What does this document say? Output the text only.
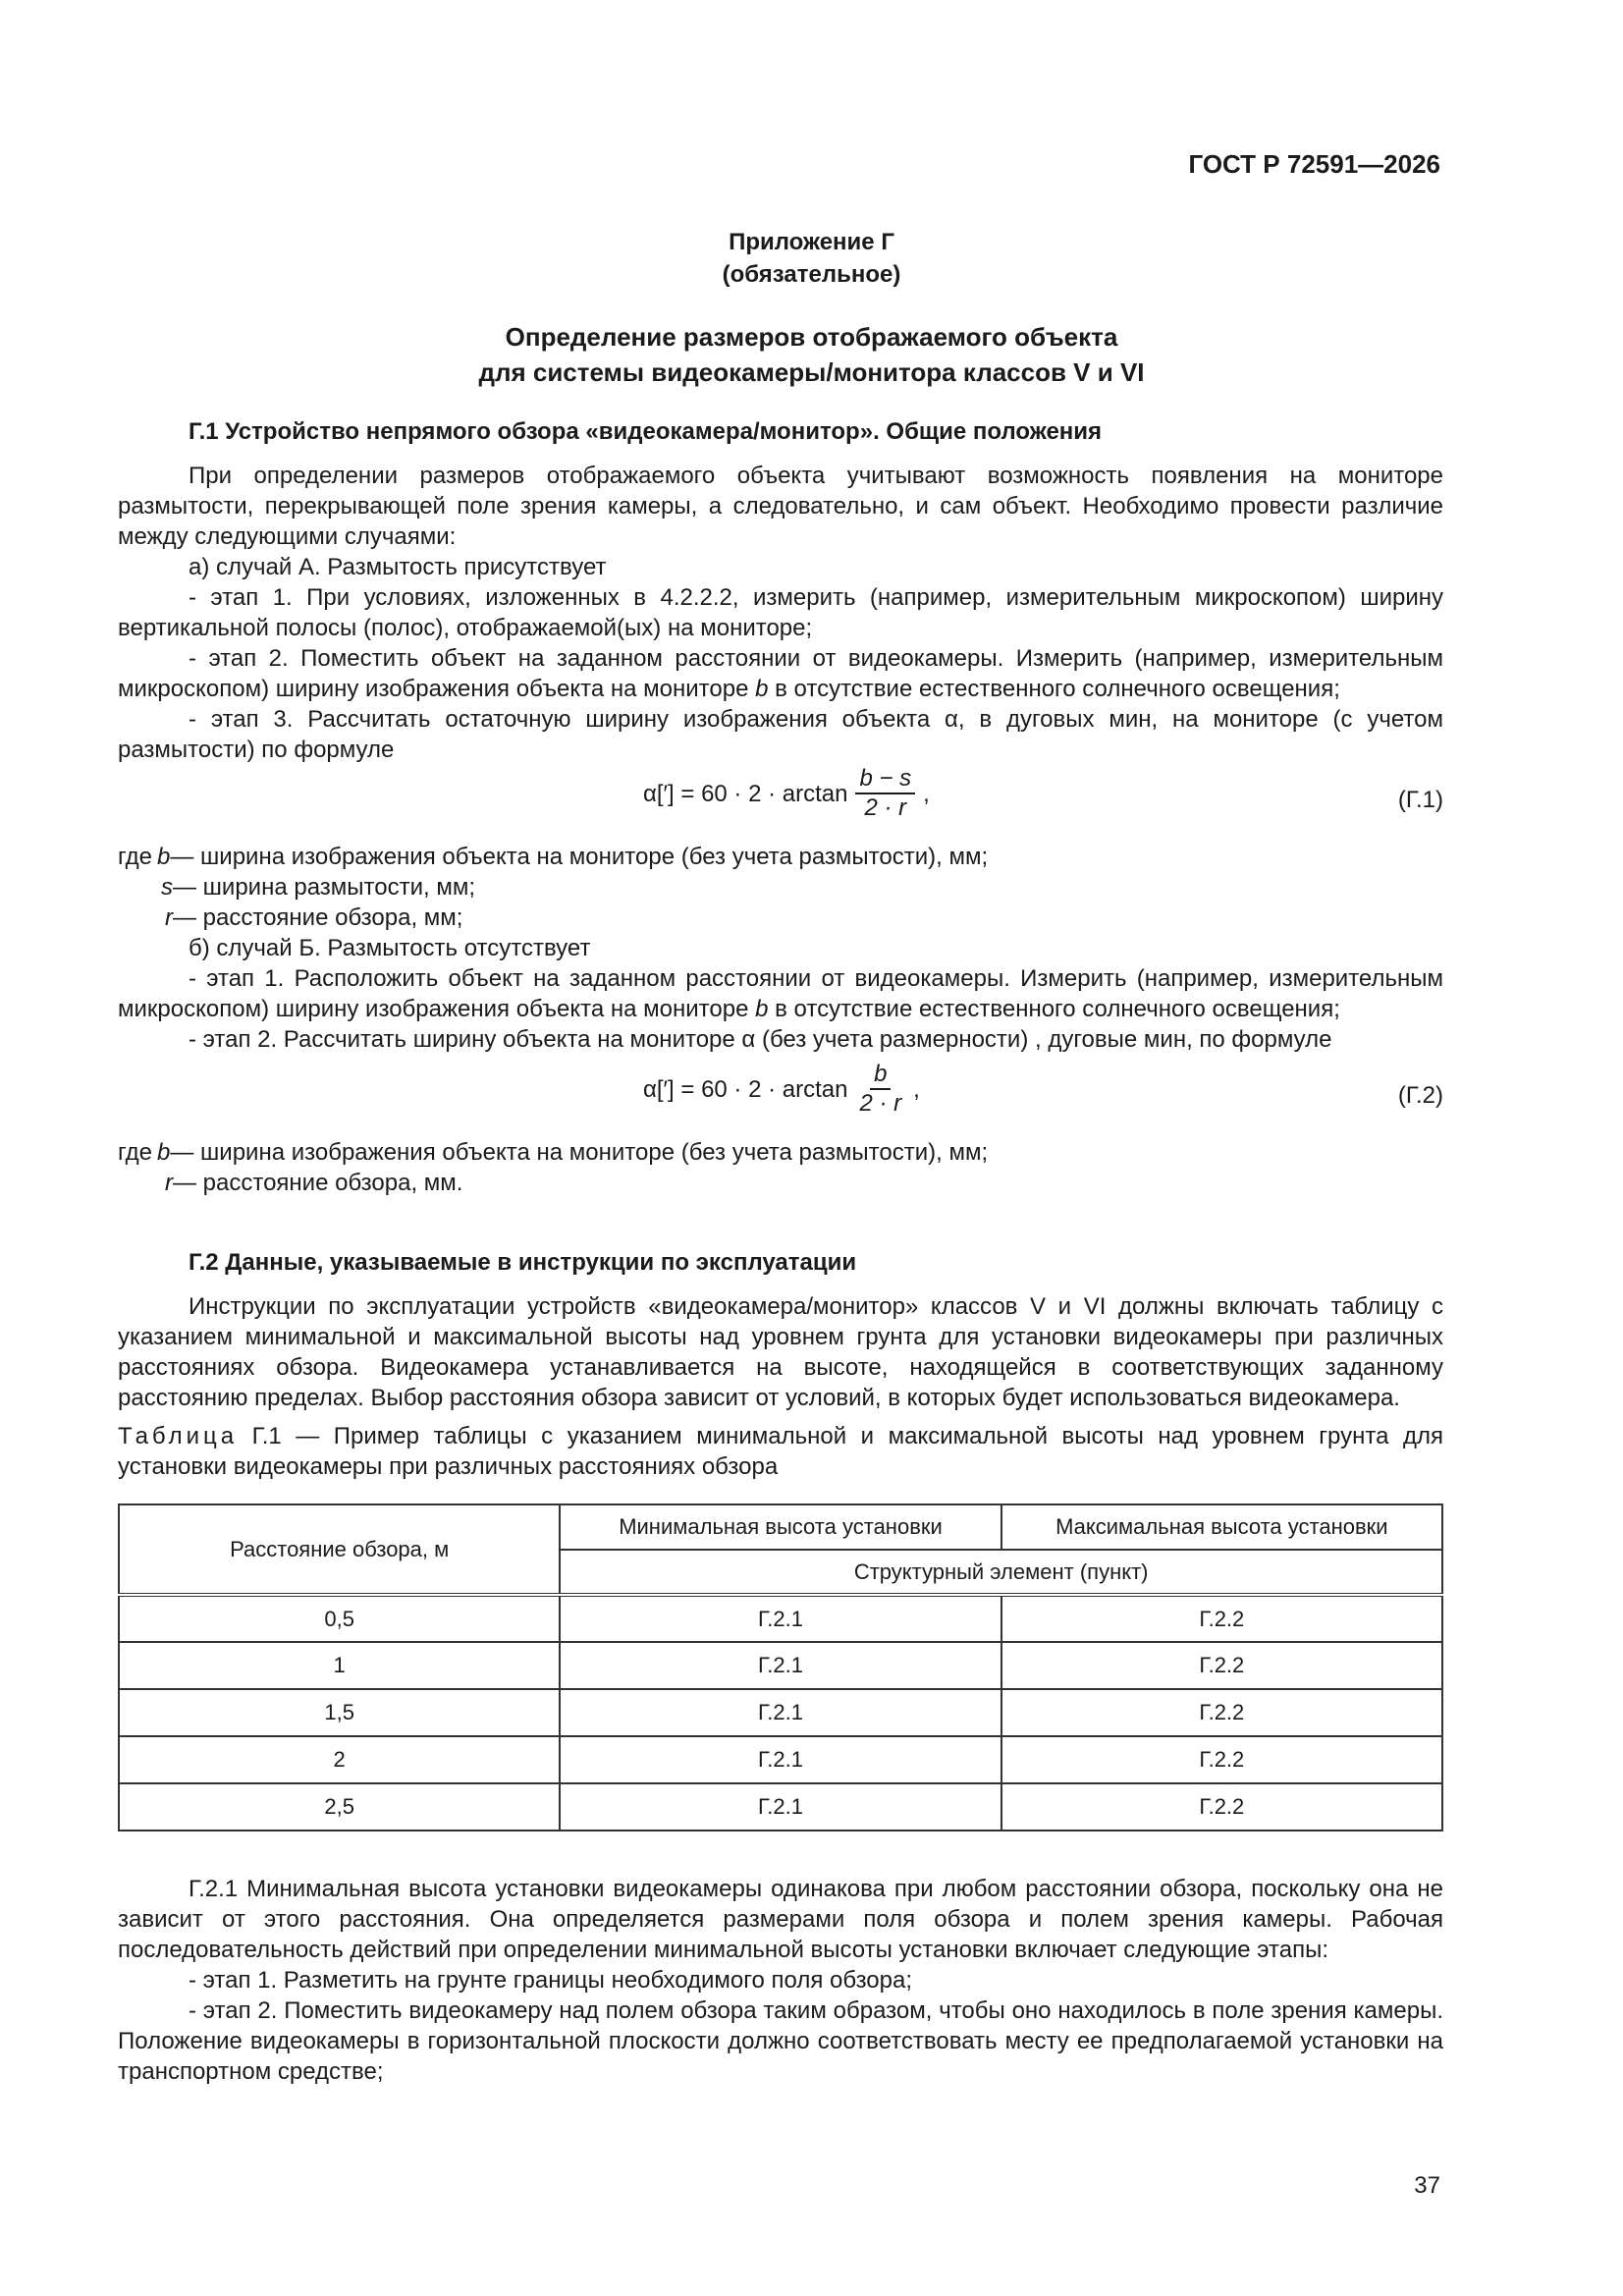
ГОСТ Р 72591—2026
Приложение Г
(обязательное)
Определение размеров отображаемого объекта
для системы видеокамеры/монитора классов V и VI

Г.1 Устройство непрямого обзора «видеокамера/монитор». Общие положения

При определении размеров отображаемого объекта учитывают возможность появления на мониторе размытости, перекрывающей поле зрения камеры, а следовательно, и сам объект. Необходимо провести различие между следующими случаями:

а) случай А. Размытость присутствует

- этап 1. При условиях, изложенных в 4.2.2.2, измерить (например, измерительным микроскопом) ширину вертикальной полосы (полос), отображаемой(ых) на мониторе;

- этап 2. Поместить объект на заданном расстоянии от видеокамеры. Измерить (например, измерительным микроскопом) ширину изображения объекта на мониторе b в отсутствие естественного солнечного освещения;

- этап 3. Рассчитать остаточную ширину изображения объекта α, в дуговых мин, на мониторе (с учетом размытости) по формуле

$\alpha['] = 60 \cdot 2 \cdot \arctan \frac{b - s}{2 \cdot r}$ ,	(Г.1)
где b — ширина изображения объекта на мониторе (без учета размытости), мм;
s — ширина размытости, мм;
r — расстояние обзора, мм;

б) случай Б. Размытость отсутствует

- этап 1. Расположить объект на заданном расстоянии от видеокамеры. Измерить (например, измерительным микроскопом) ширину изображения объекта на мониторе b в отсутствие естественного солнечного освещения;

- этап 2. Рассчитать ширину объекта на мониторе α (без учета размерности) , дуговые мин, по формуле

$\alpha['] = 60 \cdot 2 \cdot \arctan \frac{b}{2 \cdot r}$ ,	(Г.2)
где b — ширина изображения объекта на мониторе (без учета размытости), мм;
r — расстояние обзора, мм.

Г.2 Данные, указываемые в инструкции по эксплуатации

Инструкции по эксплуатации устройств «видеокамера/монитор» классов V и VI должны включать таблицу с указанием минимальной и максимальной высоты над уровнем грунта для установки видеокамеры при различных расстояниях обзора. Видеокамера устанавливается на высоте, находящейся в соответствующих заданному расстоянию пределах. Выбор расстояния обзора зависит от условий, в которых будет использоваться видеокамера.

Таблица Г.1 — Пример таблицы с указанием минимальной и максимальной высоты над уровнем грунта для установки видеокамеры при различных расстояниях обзора

Расстояние обзора, м	Минимальная высота установки	Максимальная высота установки
	Структурный элемент (пункт)	
0,5	Г.2.1	Г.2.2
1	Г.2.1	Г.2.2
1,5	Г.2.1	Г.2.2
2	Г.2.1	Г.2.2
2,5	Г.2.1	Г.2.2

Г.2.1 Минимальная высота установки видеокамеры одинакова при любом расстоянии обзора, поскольку она не зависит от этого расстояния. Она определяется размерами поля обзора и полем зрения камеры. Рабочая последовательность действий при определении минимальной высоты установки включает следующие этапы:

- этап 1. Разметить на грунте границы необходимого поля обзора;

- этап 2. Поместить видеокамеру над полем обзора таким образом, чтобы оно находилось в поле зрения камеры. Положение видеокамеры в горизонтальной плоскости должно соответствовать месту ее предполагаемой установки на транспортном средстве;

37
